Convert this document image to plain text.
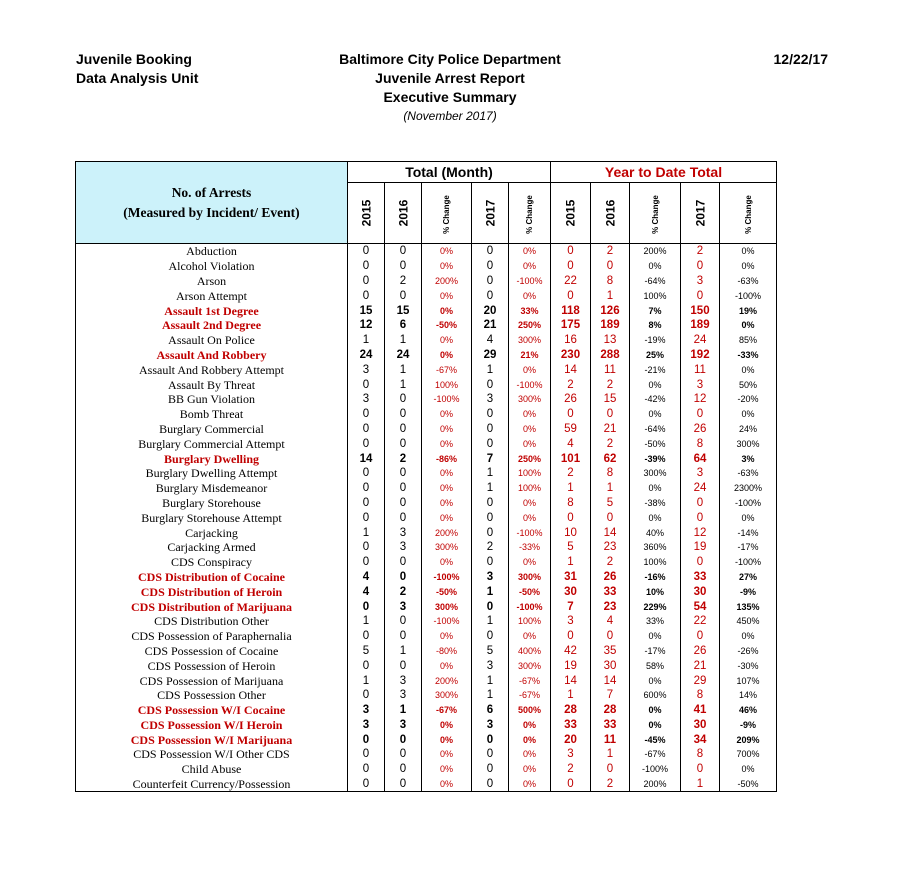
Juvenile Booking
Data Analysis Unit
Baltimore City Police Department
Juvenile Arrest Report
Executive Summary
(November 2017)
12/22/17
No. of Arrests
(Measured by Incident/ Event)	Total (Month)					Year to Date Total				
	2015	2016	% Change	2017	% Change	2015	2016	% Change	2017	% Change
Abduction	0	0	0%	0	0%	0	2	200%	2	0%
Alcohol Violation	0	0	0%	0	0%	0	0	0%	0	0%
Arson	0	2	200%	0	-100%	22	8	-64%	3	-63%
Arson Attempt	0	0	0%	0	0%	0	1	100%	0	-100%
Assault 1st Degree	15	15	0%	20	33%	118	126	7%	150	19%
Assault 2nd Degree	12	6	-50%	21	250%	175	189	8%	189	0%
Assault On Police	1	1	0%	4	300%	16	13	-19%	24	85%
Assault And Robbery	24	24	0%	29	21%	230	288	25%	192	-33%
Assault And Robbery Attempt	3	1	-67%	1	0%	14	11	-21%	11	0%
Assault By Threat	0	1	100%	0	-100%	2	2	0%	3	50%
BB Gun Violation	3	0	-100%	3	300%	26	15	-42%	12	-20%
Bomb Threat	0	0	0%	0	0%	0	0	0%	0	0%
Burglary Commercial	0	0	0%	0	0%	59	21	-64%	26	24%
Burglary Commercial Attempt	0	0	0%	0	0%	4	2	-50%	8	300%
Burglary Dwelling	14	2	-86%	7	250%	101	62	-39%	64	3%
Burglary Dwelling Attempt	0	0	0%	1	100%	2	8	300%	3	-63%
Burglary Misdemeanor	0	0	0%	1	100%	1	1	0%	24	2300%
Burglary Storehouse	0	0	0%	0	0%	8	5	-38%	0	-100%
Burglary Storehouse Attempt	0	0	0%	0	0%	0	0	0%	0	0%
Carjacking	1	3	200%	0	-100%	10	14	40%	12	-14%
Carjacking Armed	0	3	300%	2	-33%	5	23	360%	19	-17%
CDS Conspiracy	0	0	0%	0	0%	1	2	100%	0	-100%
CDS Distribution of Cocaine	4	0	-100%	3	300%	31	26	-16%	33	27%
CDS Distribution of Heroin	4	2	-50%	1	-50%	30	33	10%	30	-9%
CDS Distribution of Marijuana	0	3	300%	0	-100%	7	23	229%	54	135%
CDS Distribution Other	1	0	-100%	1	100%	3	4	33%	22	450%
CDS Possession of Paraphernalia	0	0	0%	0	0%	0	0	0%	0	0%
CDS Possession of Cocaine	5	1	-80%	5	400%	42	35	-17%	26	-26%
CDS Possession of Heroin	0	0	0%	3	300%	19	30	58%	21	-30%
CDS Possession of Marijuana	1	3	200%	1	-67%	14	14	0%	29	107%
CDS Possession Other	0	3	300%	1	-67%	1	7	600%	8	14%
CDS Possession W/I Cocaine	3	1	-67%	6	500%	28	28	0%	41	46%
CDS Possession W/I Heroin	3	3	0%	3	0%	33	33	0%	30	-9%
CDS Possession W/I Marijuana	0	0	0%	0	0%	20	11	-45%	34	209%
CDS Possession W/I Other CDS	0	0	0%	0	0%	3	1	-67%	8	700%
Child Abuse	0	0	0%	0	0%	2	0	-100%	0	0%
Counterfeit Currency/Possession	0	0	0%	0	0%	0	2	200%	1	-50%
